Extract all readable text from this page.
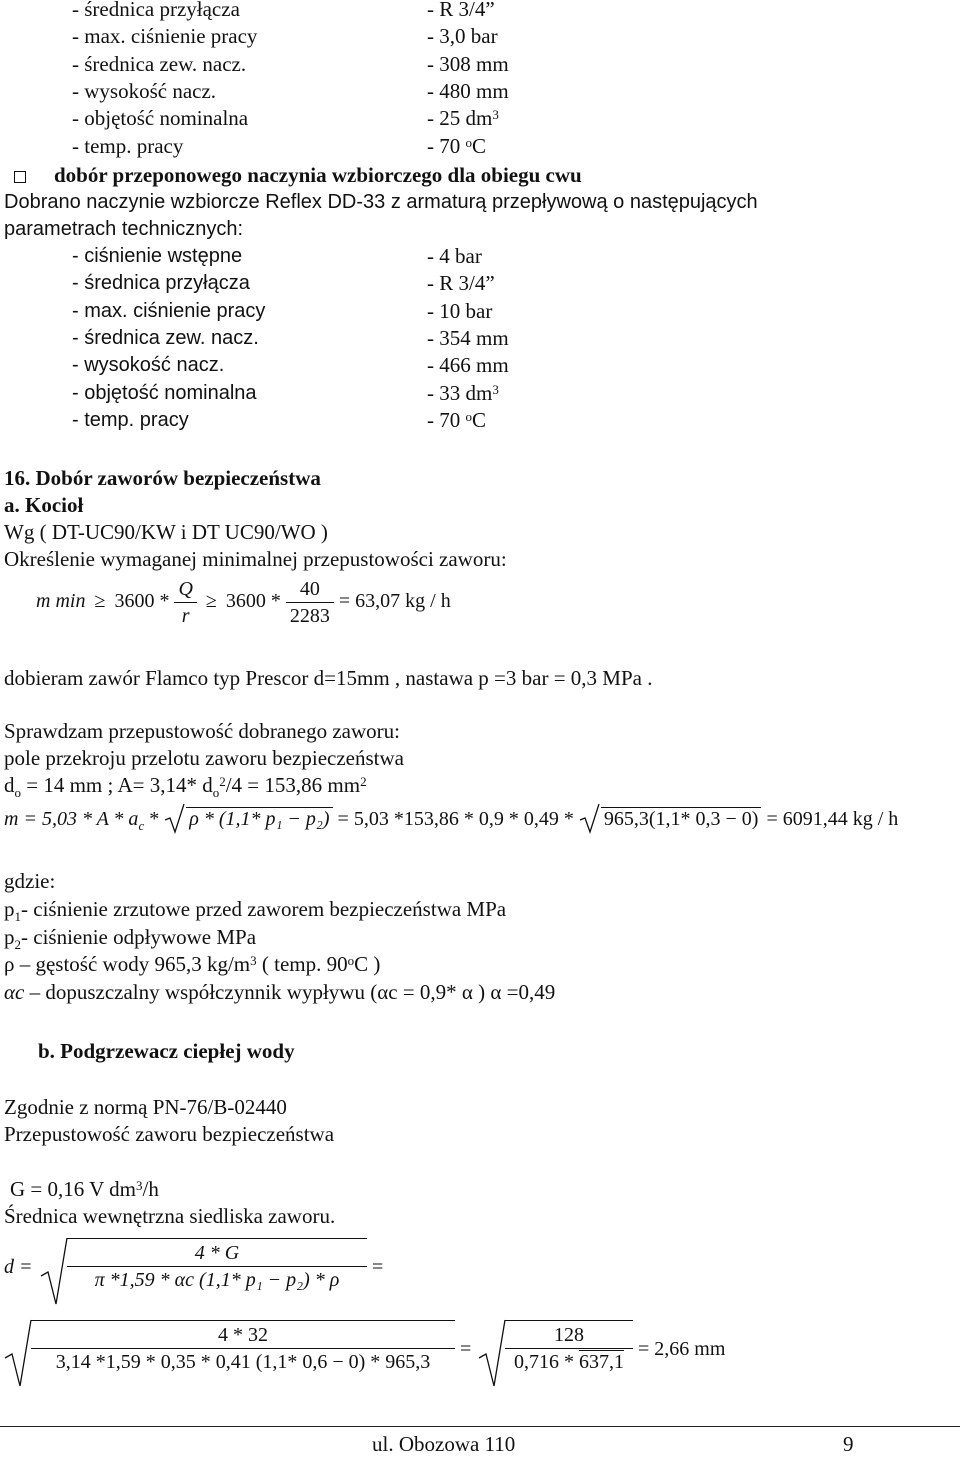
- średnica przyłącza	- R 3/4”
- max. ciśnienie pracy	- 3,0 bar
- średnica zew. nacz.	- 308 mm
- wysokość nacz.	- 480 mm
- objętość nominalna	- 25 $dm^3$
- temp. pracy	- 70 $^o$C
dobór przeponowego naczynia wzbiorczego dla obiegu cwu
Dobrano naczynie wzbiorcze Reflex DD-33 z armaturą przepływową o następujących
parametrach technicznych:
- ciśnienie wstępne	- 4 bar
- średnica przyłącza	- R 3/4”
- max. ciśnienie pracy	- 10 bar
- średnica zew. nacz.	- 354 mm
- wysokość nacz.	- 466 mm
- objętość nominalna	- 33 $dm^3$
- temp. pracy	- 70 $^o$C
16. Dobór zaworów bezpieczeństwa
a. Kocioł
Wg ( DT-UC90/KW i DT UC90/WO )
Określenie wymaganej minimalnej przepustowości zaworu:
m $\min \ge 3600 * \frac{Q}{r} \ge 3600 * \frac{40}{2283} = 63,07$ kg / h
dobieram zawór Flamco typ Prescor d=15mm , nastawa p =3 bar = 0,3 MPa .
Sprawdzam przepustowość dobranego zaworu:
pole przekroju przelotu zaworu bezpieczeństwa
$d_o = 14$ mm ; A= 3,14* $d_o^2/4 = 153,86$ $mm^2$
$m = 5,03 * A * a_c * \rho * (1,1*$ p₁ − p₂) = 5,03 *153,86 * 0,9 * 0,49 * 965,3(1,1* 0,3 − 0) = 6091,44 kg / h
gdzie:
$p_1-$ ciśnienie zrzutowe przed zaworem bezpieczeństwa MPa
$p_2-$ ciśnienie odpływowe MPa
ρ – gęstość wody 965,3 $kg/m^3$ ( temp. 90$^o$C )
αc – dopuszczalny współczynnik wypływu (αc = 0,9* α ) α =0,49
b. Podgrzewacz ciepłej wody
Zgodnie z normą PN-76/B-02440
Przepustowość zaworu bezpieczeństwa
G = 0,16 V $dm^3/h$
Średnica wewnętrzna siedliska zaworu.
$d = \frac{4 * G}{\text{π *1,59 * αc (1,1* p₁ − p₂) * ρ}}$ =
$\frac{4 * 32}{3,14 *1,59 * 0,35 * 0,41 (1,1* 0,6 - 0) * 965,3} = \frac{128}{0,716 * 637,1} = 2,66$ mm
ul. Obozowa 110	9
